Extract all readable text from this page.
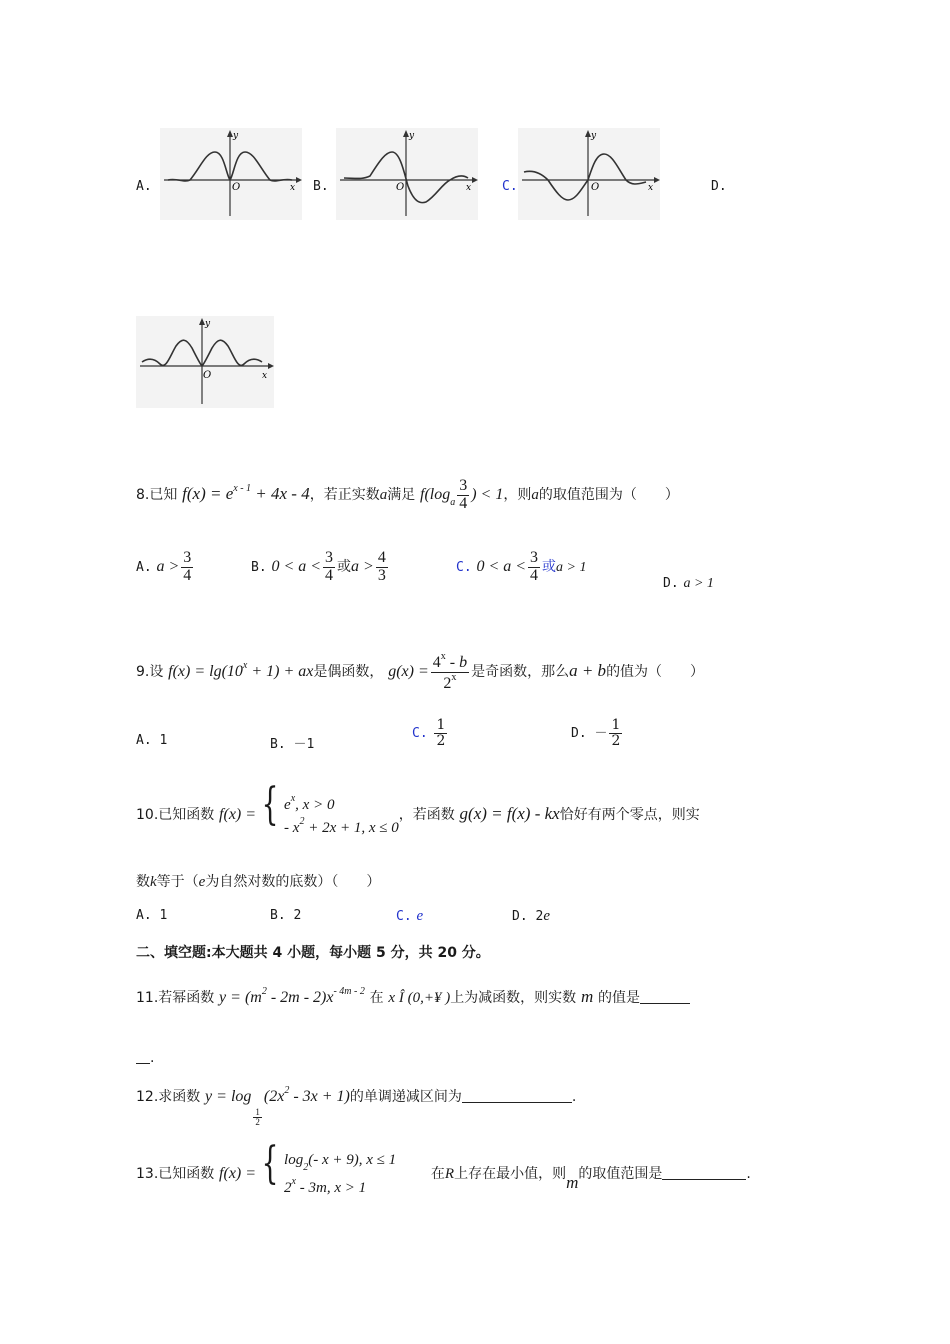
A.
y
x
O	B.
y
x
O	C.
y
x
O	D.
y
x
O
8.已知 $f(x) = e^{x - 1} + 4x - 4$，若正实数a满足 $f(\log_a \frac{3}{4}$ ) < 1，则a的取值范围为（　　）
A. $a > \frac{3}{4}$	B. $0 < a < \frac{3}{4}$ 或$a > \frac{4}{3}$	C. $0 < a < \frac{3}{4}$ 或a > 1
D. a > 1
9.设 $f(x) = \lg(10^x + 1)$ + ax是偶函数， $g(x) = \frac{4^x - b}{2^x}$ 是奇函数，那么a + b的值为（　　）
A. 1	B. －1
C. $\frac{1}{2}$	D. － $\frac{1}{2}$
10.已知函数 f(x) = { $e^x$, x > 0
- $x^2 + 2x + 1$, x ≤ 0
，若函数 g(x) = f(x) - kx恰好有两个零点，则实
数k等于（e为自然对数的底数）（　　）
A. 1	B. 2	C. e	D. 2e
二、填空题:本大题共 4 小题，每小题 5 分，共 20 分。
11.若幂函数 $y = (m^2 - 2m - 2)x^{- 4m - 2}$ 在 x Î (0,+¥ )上为减函数，则实数 m 的值是
.
12.求函数 y = log
$\frac{1}{2}$
$(2x^2 - 3x + 1)$的单调递减区间为	.
13.已知函数 f(x) = { $\log_2(-$ x + 9), x ≤ 1
2$^x$ - 3m, x > 1
在R上存在最小值，则m的取值范围是	.
